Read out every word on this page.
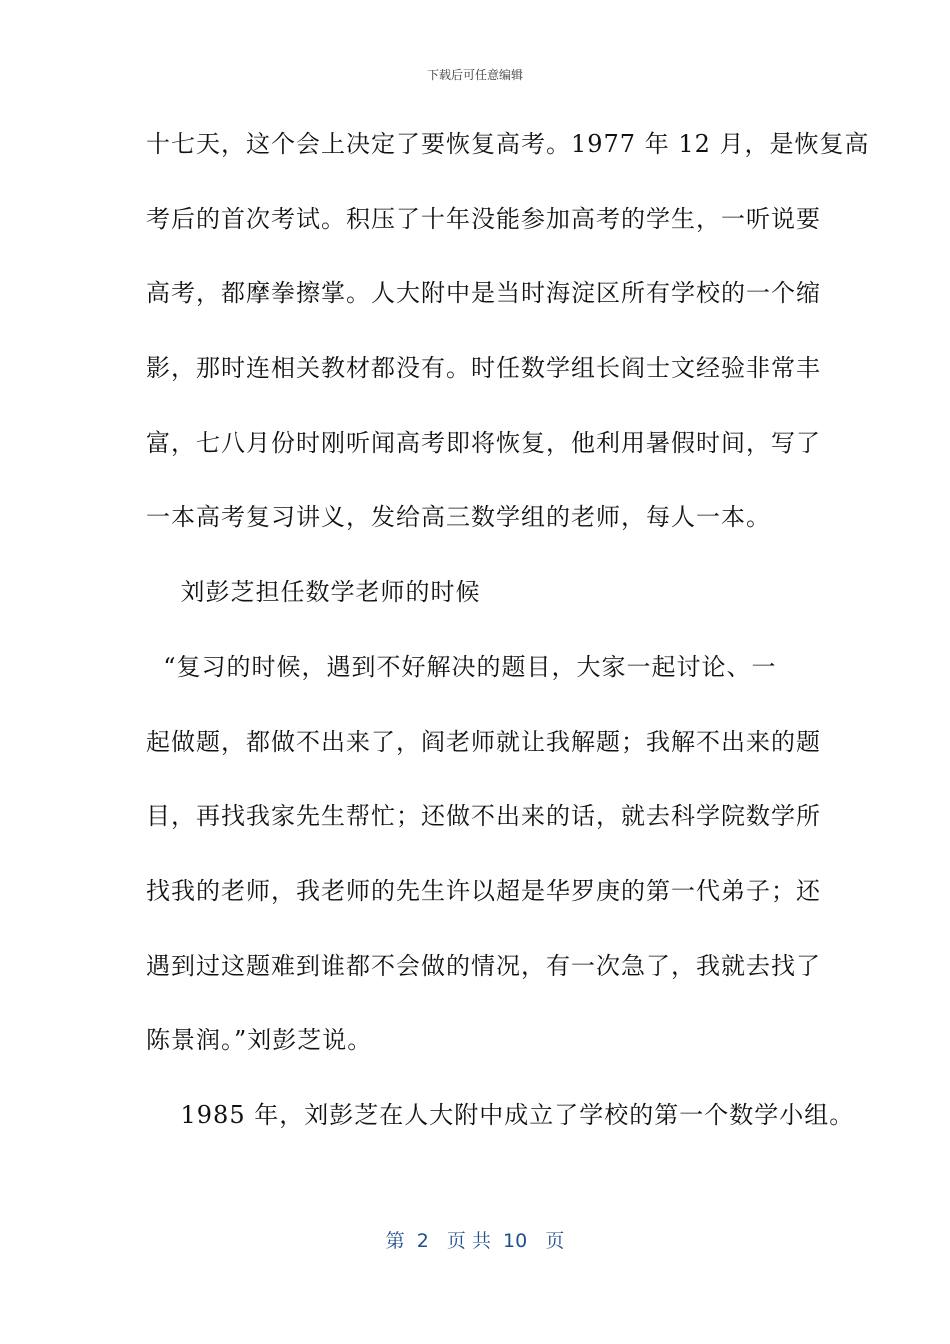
下载后可任意编辑
十七天，这个会上决定了要恢复高考。1977 年 12 月，是恢复高
考后的首次考试。积压了十年没能参加高考的学生，一听说要
高考，都摩拳擦掌。人大附中是当时海淀区所有学校的一个缩
影，那时连相关教材都没有。时任数学组长阎士文经验非常丰
富，七八月份时刚听闻高考即将恢复，他利用暑假时间，写了
一本高考复习讲义，发给高三数学组的老师，每人一本。
刘彭芝担任数学老师的时候
“复习的时候，遇到不好解决的题目，大家一起讨论、一
起做题，都做不出来了，阎老师就让我解题；我解不出来的题
目，再找我家先生帮忙；还做不出来的话，就去科学院数学所
找我的老师，我老师的先生许以超是华罗庚的第一代弟子；还
遇到过这题难到谁都不会做的情况，有一次急了，我就去找了
陈景润。”刘彭芝说。
1985 年，刘彭芝在人大附中成立了学校的第一个数学小组。
第  2   页 共  10   页
